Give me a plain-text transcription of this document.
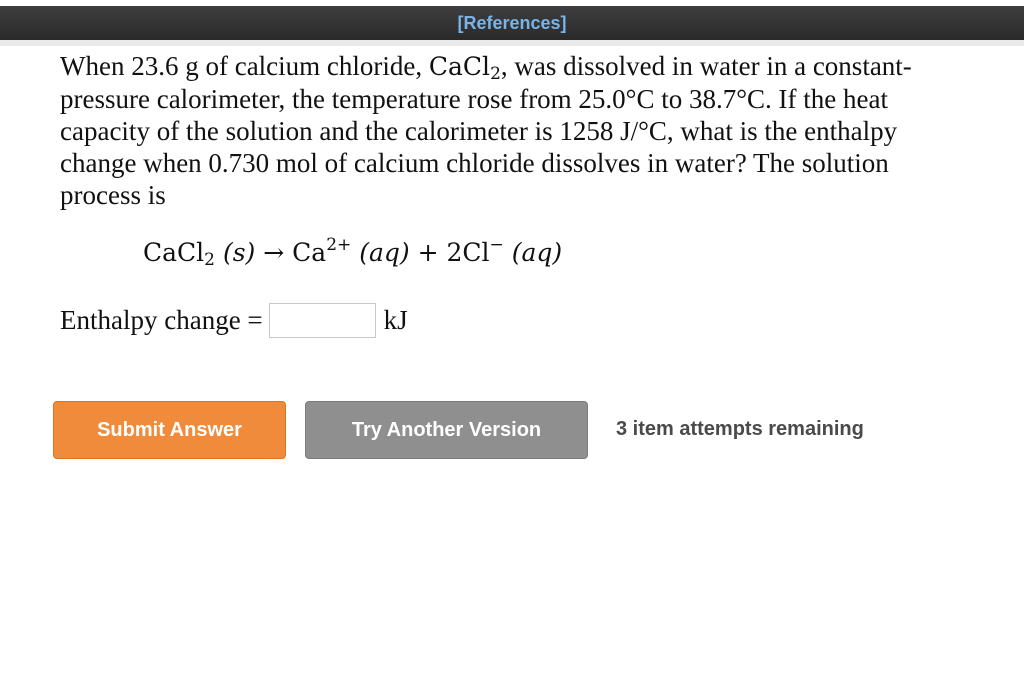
[References]

When 23.6 g of calcium chloride, CaCl$_2$, was dissolved in water in a constant-pressure calorimeter, the temperature rose from 25.0°C to 38.7°C. If the heat capacity of the solution and the calorimeter is 1258 J/°C, what is the enthalpy change when 0.730 mol of calcium chloride dissolves in water? The solution process is

CaCl$_2$ $(s) \to Ca^{2+}$ (aq) + 2Cl− (aq)
Enthalpy change =	kJ
Submit Answer	Try Another Version	3 item attempts remaining
